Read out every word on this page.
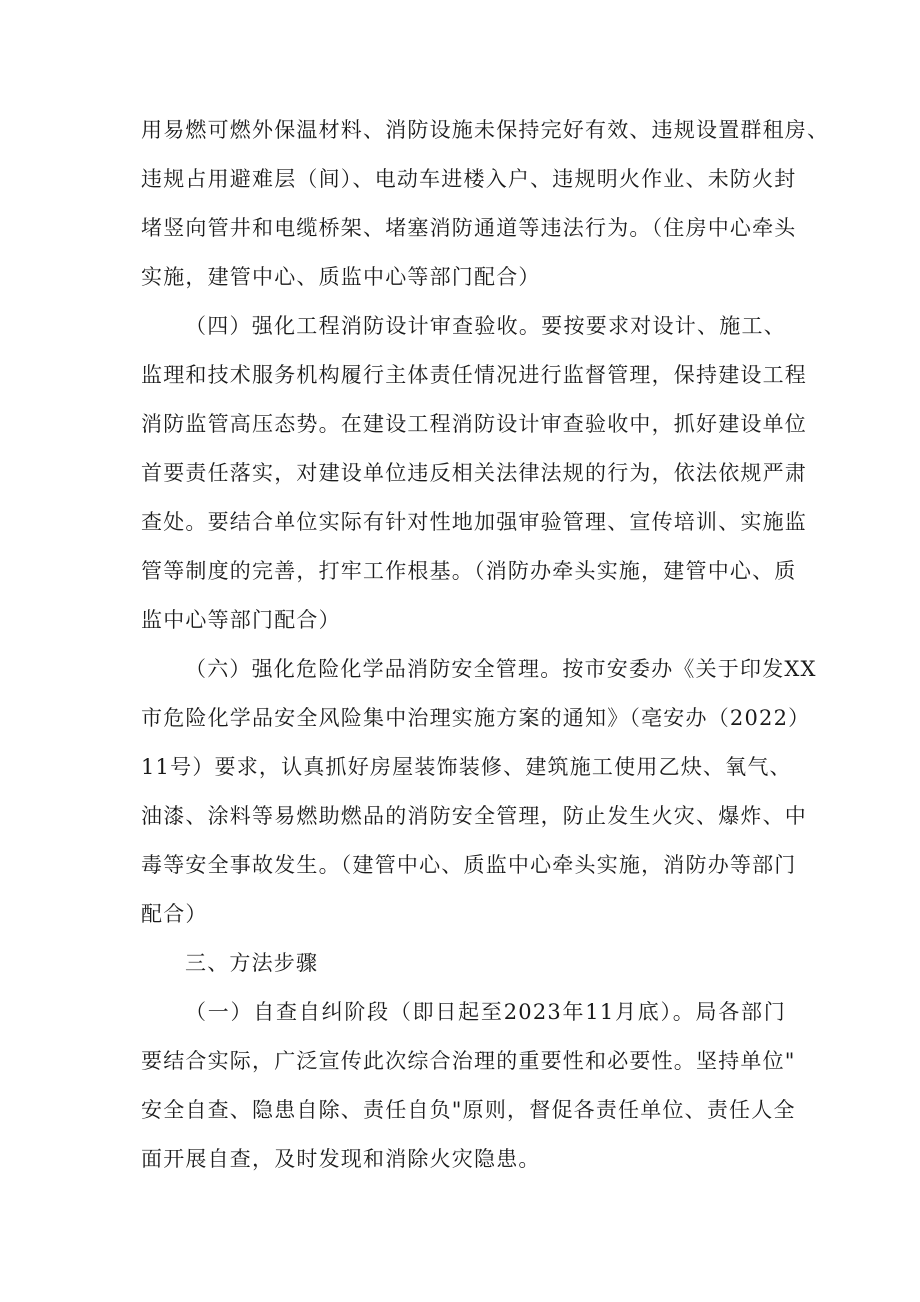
用易燃可燃外保温材料、消防设施未保持完好有效、违规设置群租房、
违规占用避难层（间）、电动车进楼入户、违规明火作业、未防火封
堵竖向管井和电缆桥架、堵塞消防通道等违法行为。（住房中心牵头
实施，建管中心、质监中心等部门配合）
（四）强化工程消防设计审查验收。要按要求对设计、施工、
监理和技术服务机构履行主体责任情况进行监督管理，保持建设工程
消防监管高压态势。在建设工程消防设计审查验收中，抓好建设单位
首要责任落实，对建设单位违反相关法律法规的行为，依法依规严肃
查处。要结合单位实际有针对性地加强审验管理、宣传培训、实施监
管等制度的完善，打牢工作根基。（消防办牵头实施，建管中心、质
监中心等部门配合）
（六）强化危险化学品消防安全管理。按市安委办《关于印发XX
市危险化学品安全风险集中治理实施方案的通知》（亳安办（2022）
11号）要求，认真抓好房屋装饰装修、建筑施工使用乙炔、氧气、
油漆、涂料等易燃助燃品的消防安全管理，防止发生火灾、爆炸、中
毒等安全事故发生。（建管中心、质监中心牵头实施，消防办等部门
配合）
三、方法步骤
（一）自查自纠阶段（即日起至2023年11月底）。局各部门
要结合实际，广泛宣传此次综合治理的重要性和必要性。坚持单位"
安全自查、隐患自除、责任自负"原则，督促各责任单位、责任人全
面开展自查，及时发现和消除火灾隐患。
